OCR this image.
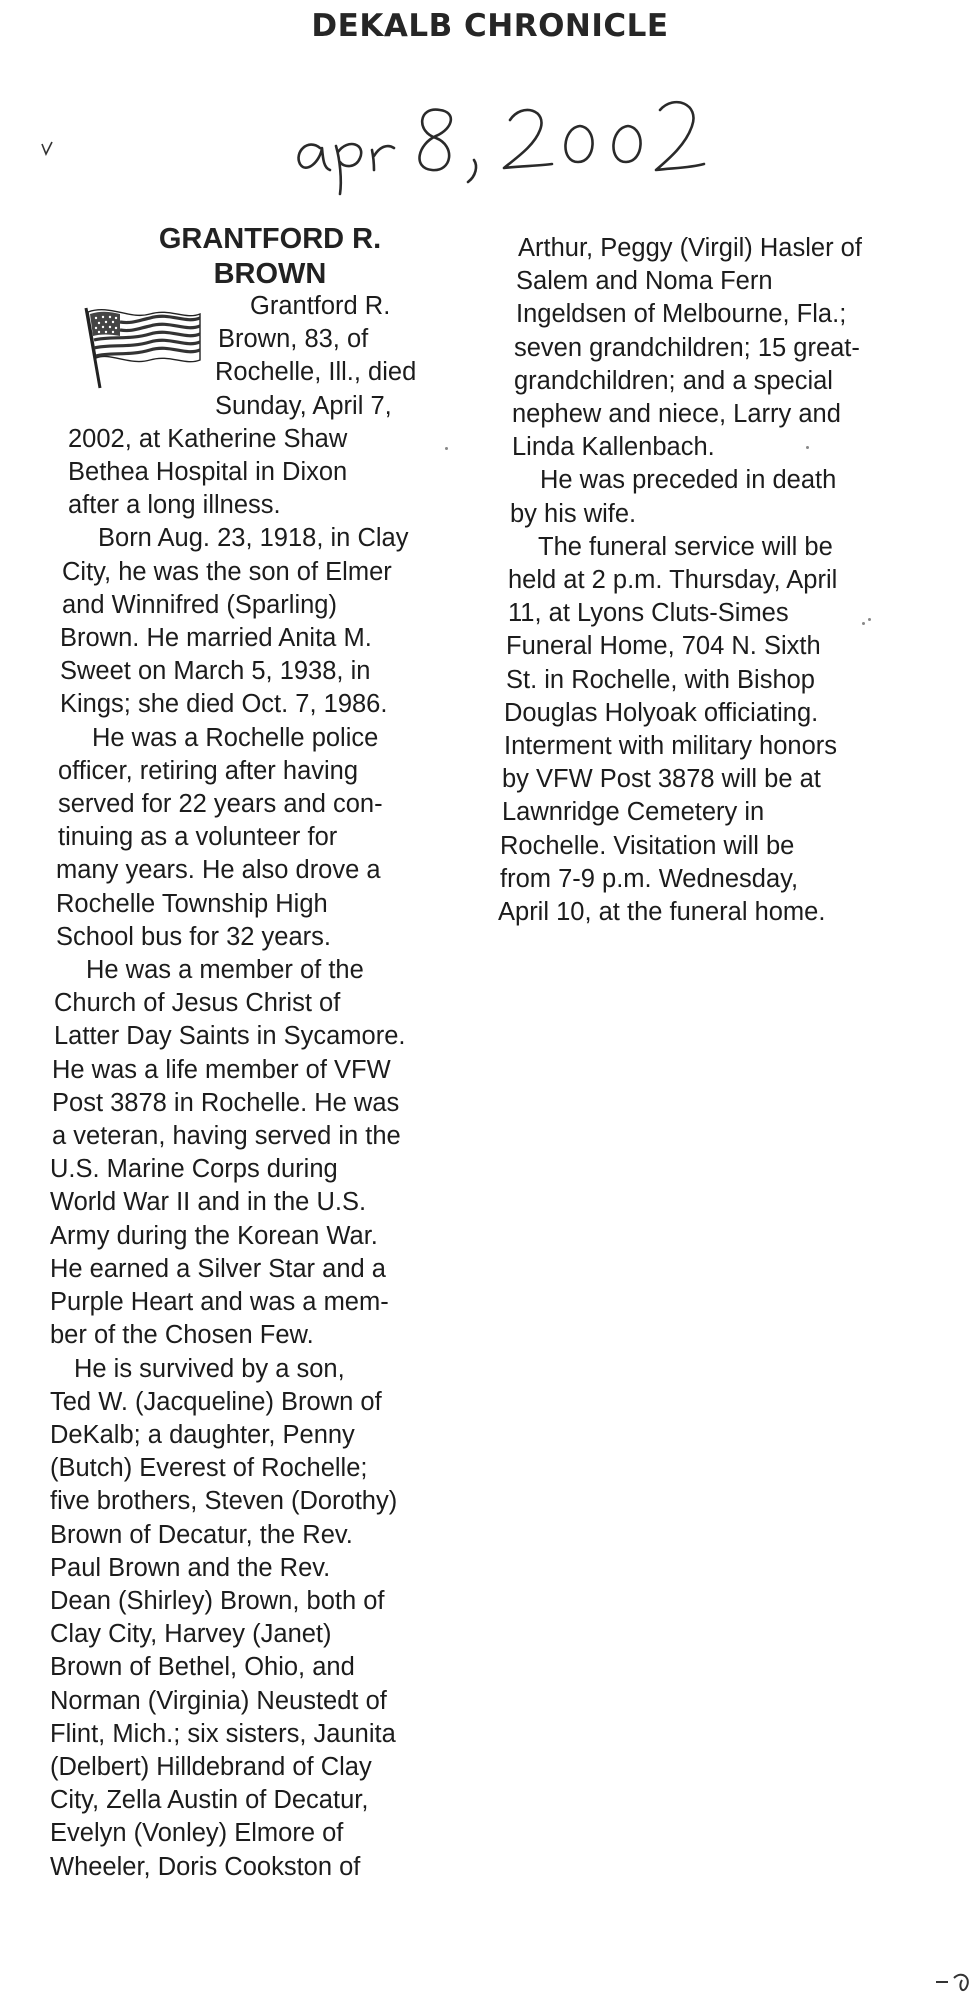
DEKALB CHRONICLE
GRANTFORD R.
BROWN
Grantford R.
Brown, 83, of
Rochelle, Ill., died
Sunday, April 7,
2002, at Katherine Shaw
Bethea Hospital in Dixon
after a long illness.
Born Aug. 23, 1918, in Clay
City, he was the son of Elmer
and Winnifred (Sparling)
Brown. He married Anita M.
Sweet on March 5, 1938, in
Kings; she died Oct. 7, 1986.
He was a Rochelle police
officer, retiring after having
served for 22 years and con-
tinuing as a volunteer for
many years. He also drove a
Rochelle Township High
School bus for 32 years.
He was a member of the
Church of Jesus Christ of
Latter Day Saints in Sycamore.
He was a life member of VFW
Post 3878 in Rochelle. He was
a veteran, having served in the
U.S. Marine Corps during
World War II and in the U.S.
Army during the Korean War.
He earned a Silver Star and a
Purple Heart and was a mem-
ber of the Chosen Few.
He is survived by a son,
Ted W. (Jacqueline) Brown of
DeKalb; a daughter, Penny
(Butch) Everest of Rochelle;
five brothers, Steven (Dorothy)
Brown of Decatur, the Rev.
Paul Brown and the Rev.
Dean (Shirley) Brown, both of
Clay City, Harvey (Janet)
Brown of Bethel, Ohio, and
Norman (Virginia) Neustedt of
Flint, Mich.; six sisters, Jaunita
(Delbert) Hilldebrand of Clay
City, Zella Austin of Decatur,
Evelyn (Vonley) Elmore of
Wheeler, Doris Cookston of
Arthur, Peggy (Virgil) Hasler of
Salem and Noma Fern
Ingeldsen of Melbourne, Fla.;
seven grandchildren; 15 great-
grandchildren; and a special
nephew and niece, Larry and
Linda Kallenbach.
He was preceded in death
by his wife.
The funeral service will be
held at 2 p.m. Thursday, April
11, at Lyons Cluts-Simes
Funeral Home, 704 N. Sixth
St. in Rochelle, with Bishop
Douglas Holyoak officiating.
Interment with military honors
by VFW Post 3878 will be at
Lawnridge Cemetery in
Rochelle. Visitation will be
from 7-9 p.m. Wednesday,
April 10, at the funeral home.
